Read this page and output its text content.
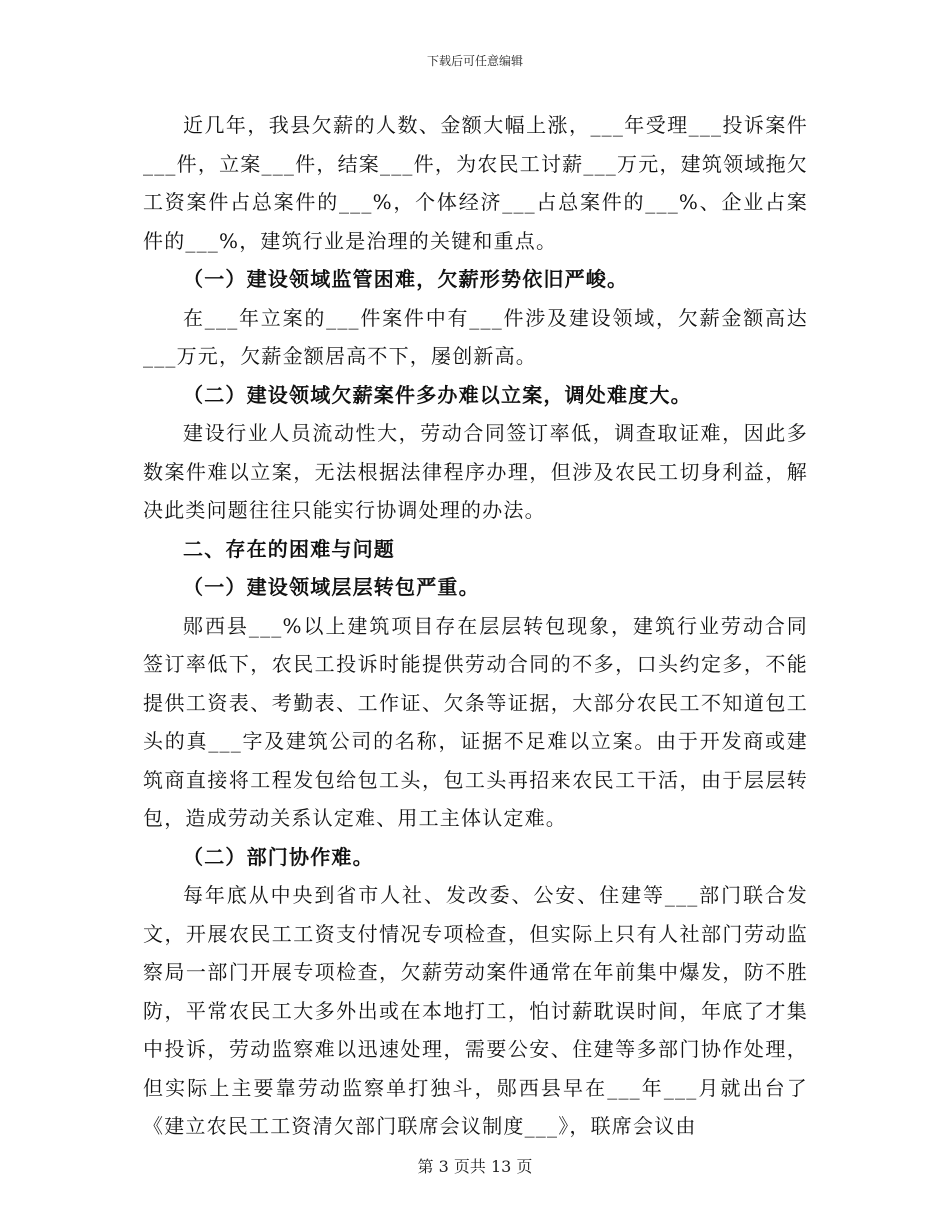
下载后可任意编辑

近几年，我县欠薪的人数、金额大幅上涨，___年受理___投诉案件___件，立案___件，结案___件，为农民工讨薪___万元，建筑领域拖欠工资案件占总案件的___%，个体经济___占总案件的___%、企业占案件的___%，建筑行业是治理的关键和重点。

（一）建设领域监管困难，欠薪形势依旧严峻。

在___年立案的___件案件中有___件涉及建设领域，欠薪金额高达___万元，欠薪金额居高不下，屡创新高。

（二）建设领域欠薪案件多办难以立案，调处难度大。

建设行业人员流动性大，劳动合同签订率低，调查取证难，因此多数案件难以立案，无法根据法律程序办理，但涉及农民工切身利益，解决此类问题往往只能实行协调处理的办法。

二、存在的困难与问题

（一）建设领域层层转包严重。

郧西县___%以上建筑项目存在层层转包现象，建筑行业劳动合同签订率低下，农民工投诉时能提供劳动合同的不多，口头约定多，不能提供工资表、考勤表、工作证、欠条等证据，大部分农民工不知道包工头的真___字及建筑公司的名称，证据不足难以立案。由于开发商或建筑商直接将工程发包给包工头，包工头再招来农民工干活，由于层层转包，造成劳动关系认定难、用工主体认定难。

（二）部门协作难。

每年底从中央到省市人社、发改委、公安、住建等___部门联合发文，开展农民工工资支付情况专项检查，但实际上只有人社部门劳动监察局一部门开展专项检查，欠薪劳动案件通常在年前集中爆发，防不胜防，平常农民工大多外出或在本地打工，怕讨薪耽误时间，年底了才集中投诉，劳动监察难以迅速处理，需要公安、住建等多部门协作处理，但实际上主要靠劳动监察单打独斗，郧西县早在___年___月就出台了《建立农民工工资清欠部门联席会议制度___》，联席会议由

第 3 页共 13 页
